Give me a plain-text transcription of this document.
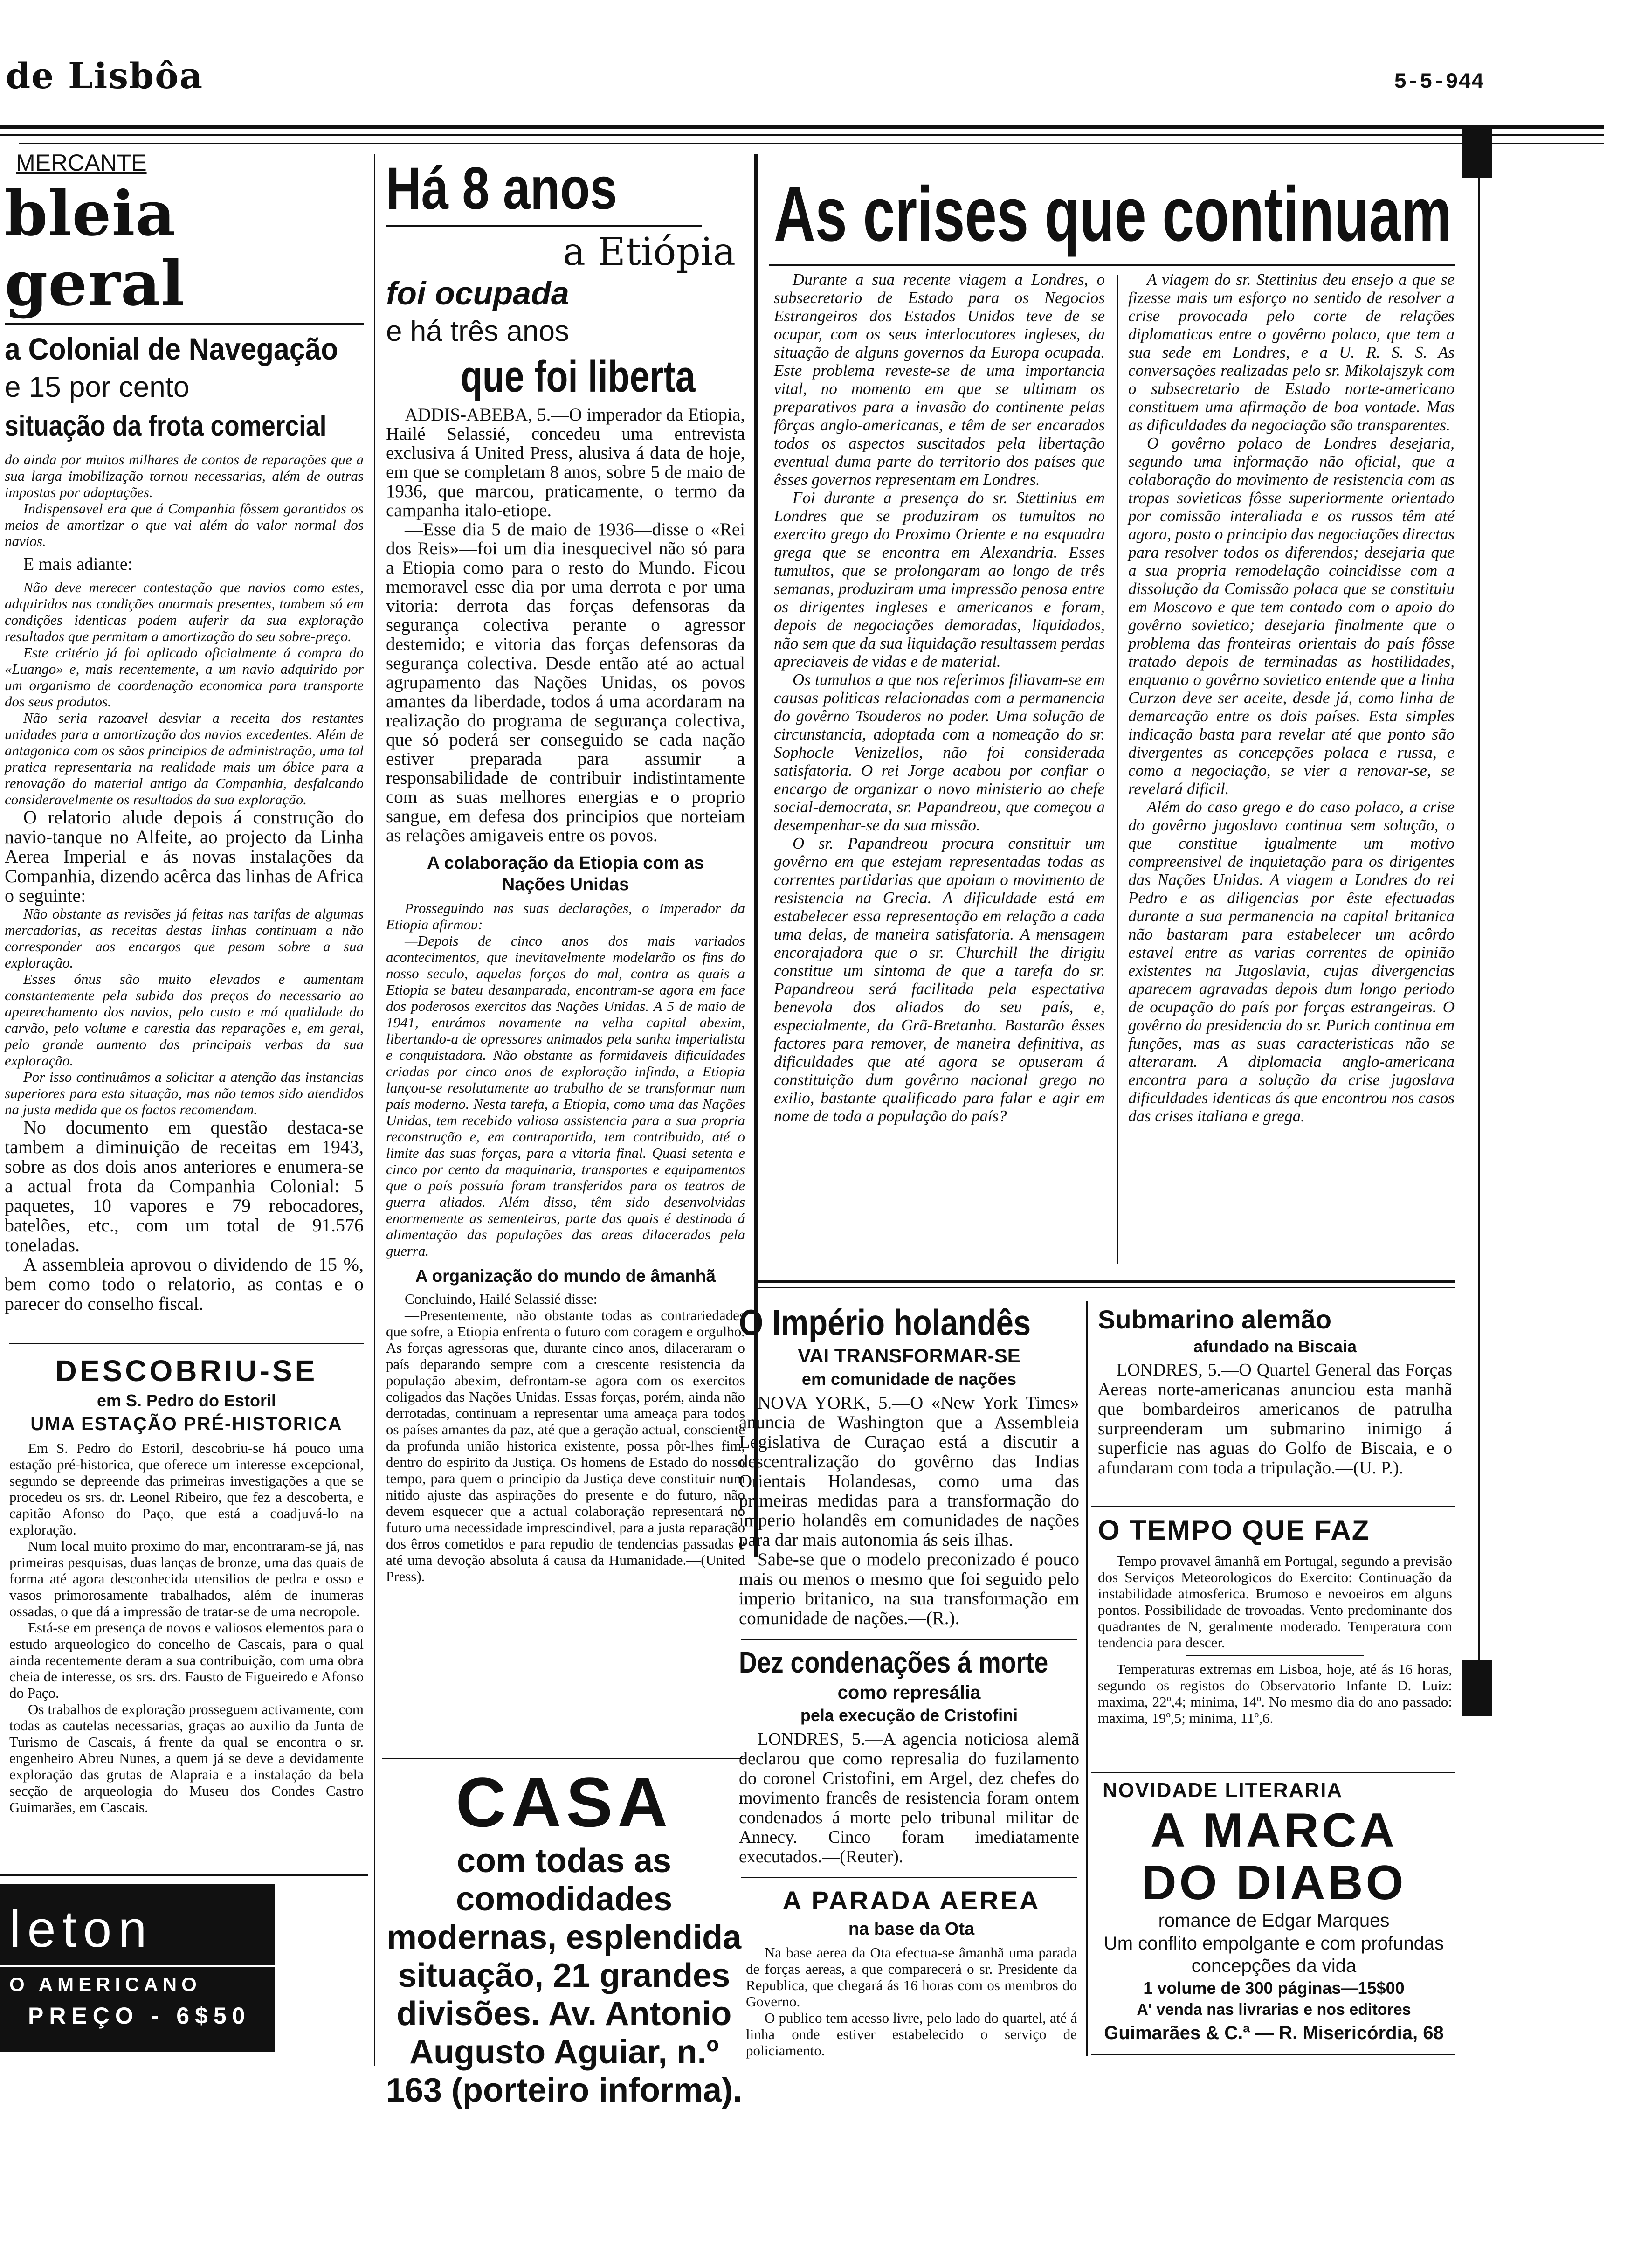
de Lisbôa	5-5-944
MERCANTE
bleia geral
a Colonial de Navegação
e 15 por cento
situação da frota comercial
do ainda por muitos milhares de contos de reparações que a sua larga imobilização tornou necessarias, além de outras impostas por adaptações.

Indispensavel era que á Companhia fôssem garantidos os meios de amortizar o que vai além do valor normal dos navios.

E mais adiante:

Não deve merecer contestação que navios como estes, adquiridos nas condições anormais presentes, tambem só em condições identicas podem auferir da sua exploração resultados que permitam a amortização do seu sobre-preço.

Este critério já foi aplicado oficialmente á compra do «Luango» e, mais recentemente, a um navio adquirido por um organismo de coordenação economica para transporte dos seus produtos.

Não seria razoavel desviar a receita dos restantes unidades para a amortização dos navios excedentes. Além de antagonica com os sãos principios de administração, uma tal pratica representaria na realidade mais um óbice para a renovação do material antigo da Companhia, desfalcando consideravelmente os resultados da sua exploração.

O relatorio alude depois á construção do navio-tanque no Alfeite, ao projecto da Linha Aerea Imperial e ás novas instalações da Companhia, dizendo acêrca das linhas de Africa o seguinte:

Não obstante as revisões já feitas nas tarifas de algumas mercadorias, as receitas destas linhas continuam a não corresponder aos encargos que pesam sobre a sua exploração.

Esses ónus são muito elevados e aumentam constantemente pela subida dos preços do necessario ao apetrechamento dos navios, pelo custo e má qualidade do carvão, pelo volume e carestia das reparações e, em geral, pelo grande aumento das principais verbas da sua exploração.

Por isso continuâmos a solicitar a atenção das instancias superiores para esta situação, mas não temos sido atendidos na justa medida que os factos recomendam.

No documento em questão destaca-se tambem a diminuição de receitas em 1943, sobre as dos dois anos anteriores e enumera-se a actual frota da Companhia Colonial: 5 paquetes, 10 vapores e 79 rebocadores, batelões, etc., com um total de 91.576 toneladas.

A assembleia aprovou o dividendo de 15 %, bem como todo o relatorio, as contas e o parecer do conselho fiscal.

DESCOBRIU-SE
em S. Pedro do Estoril
UMA ESTAÇÃO PRÉ-HISTORICA

Em S. Pedro do Estoril, descobriu-se há pouco uma estação pré-historica, que oferece um interesse excepcional, segundo se depreende das primeiras investigações a que se procedeu os srs. dr. Leonel Ribeiro, que fez a descoberta, e capitão Afonso do Paço, que está a coadjuvá-lo na exploração.

Num local muito proximo do mar, encontraram-se já, nas primeiras pesquisas, duas lanças de bronze, uma das quais de forma até agora desconhecida utensilios de pedra e osso e vasos primorosamente trabalhados, além de inumeras ossadas, o que dá a impressão de tratar-se de uma necropole.

Está-se em presença de novos e valiosos elementos para o estudo arqueologico do concelho de Cascais, para o qual ainda recentemente deram a sua contribuição, com uma obra cheia de interesse, os srs. drs. Fausto de Figueiredo e Afonso do Paço.

Os trabalhos de exploração prosseguem activamente, com todas as cautelas necessarias, graças ao auxilio da Junta de Turismo de Cascais, á frente da qual se encontra o sr. engenheiro Abreu Nunes, a quem já se deve a devidamente exploração das grutas de Alapraia e a instalação da bela secção de arqueologia do Museu dos Condes Castro Guimarães, em Cascais.

leton
O AMERICANO
PREÇO - 6$50
Há 8 anos
a Etiópia
foi ocupada
e há três anos
que foi liberta

ADDIS-ABEBA, 5.—O imperador da Etiopia, Hailé Selassié, concedeu uma entrevista exclusiva á United Press, alusiva á data de hoje, em que se completam 8 anos, sobre 5 de maio de 1936, que marcou, praticamente, o termo da campanha italo-etiope.

—Esse dia 5 de maio de 1936—disse o «Rei dos Reis»—foi um dia inesquecivel não só para a Etiopia como para o resto do Mundo. Ficou memoravel esse dia por uma derrota e por uma vitoria: derrota das forças defensoras da segurança colectiva perante o agressor destemido; e vitoria das forças defensoras da segurança colectiva. Desde então até ao actual agrupamento das Nações Unidas, os povos amantes da liberdade, todos á uma acordaram na realização do programa de segurança colectiva, que só poderá ser conseguido se cada nação estiver preparada para assumir a responsabilidade de contribuir indistintamente com as suas melhores energias e o proprio sangue, em defesa dos principios que norteiam as relações amigaveis entre os povos.

A colaboração da Etiopia com as Nações Unidas

Prosseguindo nas suas declarações, o Imperador da Etiopia afirmou:

—Depois de cinco anos dos mais variados acontecimentos, que inevitavelmente modelarão os fins do nosso seculo, aquelas forças do mal, contra as quais a Etiopia se bateu desamparada, encontram-se agora em face dos poderosos exercitos das Nações Unidas. A 5 de maio de 1941, entrámos novamente na velha capital abexim, libertando-a de opressores animados pela sanha imperialista e conquistadora. Não obstante as formidaveis dificuldades criadas por cinco anos de exploração infinda, a Etiopia lançou-se resolutamente ao trabalho de se transformar num país moderno. Nesta tarefa, a Etiopia, como uma das Nações Unidas, tem recebido valiosa assistencia para a sua propria reconstrução e, em contrapartida, tem contribuido, até o limite das suas forças, para a vitoria final. Quasi setenta e cinco por cento da maquinaria, transportes e equipamentos que o país possuía foram transferidos para os teatros de guerra aliados. Além disso, têm sido desenvolvidas enormemente as sementeiras, parte das quais é destinada á alimentação das populações das areas dilaceradas pela guerra.

A organização do mundo de âmanhã

Concluindo, Hailé Selassié disse:

—Presentemente, não obstante todas as contrariedades que sofre, a Etiopia enfrenta o futuro com coragem e orgulho. As forças agressoras que, durante cinco anos, dilaceraram o país deparando sempre com a crescente resistencia da população abexim, defrontam-se agora com os exercitos coligados das Nações Unidas. Essas forças, porém, ainda não derrotadas, continuam a representar uma ameaça para todos os países amantes da paz, até que a geração actual, consciente da profunda união historica existente, possa pôr-lhes fim, dentro do espirito da Justiça. Os homens de Estado do nosso tempo, para quem o principio da Justiça deve constituir num nitido ajuste das aspirações do presente e do futuro, não devem esquecer que a actual colaboração representará no futuro uma necessidade imprescindivel, para a justa reparação dos êrros cometidos e para repudio de tendencias passadas e até uma devoção absoluta á causa da Humanidade.—(United Press).

CASA
com todas as comodidades modernas, esplendida situação, 21 grandes divisões. Av. Antonio Augusto Aguiar, n.º 163 (porteiro informa).
As crises que continuam

Durante a sua recente viagem a Londres, o subsecretario de Estado para os Negocios Estrangeiros dos Estados Unidos teve de se ocupar, com os seus interlocutores ingleses, da situação de alguns governos da Europa ocupada. Este problema reveste-se de uma importancia vital, no momento em que se ultimam os preparativos para a invasão do continente pelas fôrças anglo-americanas, e têm de ser encarados todos os aspectos suscitados pela libertação eventual duma parte do territorio dos países que êsses governos representam em Londres.

Foi durante a presença do sr. Stettinius em Londres que se produziram os tumultos no exercito grego do Proximo Oriente e na esquadra grega que se encontra em Alexandria. Esses tumultos, que se prolongaram ao longo de três semanas, produziram uma impressão penosa entre os dirigentes ingleses e americanos e foram, depois de negociações demoradas, liquidados, não sem que da sua liquidação resultassem perdas apreciaveis de vidas e de material.

Os tumultos a que nos referimos filiavam-se em causas politicas relacionadas com a permanencia do govêrno Tsouderos no poder. Uma solução de circunstancia, adoptada com a nomeação do sr. Sophocle Venizellos, não foi considerada satisfatoria. O rei Jorge acabou por confiar o encargo de organizar o novo ministerio ao chefe social-democrata, sr. Papandreou, que começou a desempenhar-se da sua missão.

O sr. Papandreou procura constituir um govêrno em que estejam representadas todas as correntes partidarias que apoiam o movimento de resistencia na Grecia. A dificuldade está em estabelecer essa representação em relação a cada uma delas, de maneira satisfatoria. A mensagem encorajadora que o sr. Churchill lhe dirigiu constitue um sintoma de que a tarefa do sr. Papandreou será facilitada pela espectativa benevola dos aliados do seu país, e, especialmente, da Grã-Bretanha. Bastarão êsses factores para remover, de maneira definitiva, as dificuldades que até agora se opuseram á constituição dum govêrno nacional grego no exilio, bastante qualificado para falar e agir em nome de toda a população do país?

A viagem do sr. Stettinius deu ensejo a que se fizesse mais um esforço no sentido de resolver a crise provocada pelo corte de relações diplomaticas entre o govêrno polaco, que tem a sua sede em Londres, e a U. R. S. S. As conversações realizadas pelo sr. Mikolajszyk com o subsecretario de Estado norte-americano constituem uma afirmação de boa vontade. Mas as dificuldades da negociação são transparentes.

O govêrno polaco de Londres desejaria, segundo uma informação não oficial, que a colaboração do movimento de resistencia com as tropas sovieticas fôsse superiormente orientado por comissão interaliada e os russos têm até agora, posto o principio das negociações directas para resolver todos os diferendos; desejaria que a sua propria remodelação coincidisse com a dissolução da Comissão polaca que se constituiu em Moscovo e que tem contado com o apoio do govêrno sovietico; desejaria finalmente que o problema das fronteiras orientais do país fôsse tratado depois de terminadas as hostilidades, enquanto o govêrno sovietico entende que a linha Curzon deve ser aceite, desde já, como linha de demarcação entre os dois países. Esta simples indicação basta para revelar até que ponto são divergentes as concepções polaca e russa, e como a negociação, se vier a renovar-se, se revelará dificil.

Além do caso grego e do caso polaco, a crise do govêrno jugoslavo continua sem solução, o que constitue igualmente um motivo compreensivel de inquietação para os dirigentes das Nações Unidas. A viagem a Londres do rei Pedro e as diligencias por êste efectuadas durante a sua permanencia na capital britanica não bastaram para estabelecer um acôrdo estavel entre as varias correntes de opinião existentes na Jugoslavia, cujas divergencias aparecem agravadas depois dum longo periodo de ocupação do país por forças estrangeiras. O govêrno da presidencia do sr. Purich continua em funções, mas as suas caracteristicas não se alteraram. A diplomacia anglo-americana encontra para a solução da crise jugoslava dificuldades identicas ás que encontrou nos casos das crises italiana e grega.

O Império holandês
VAI TRANSFORMAR-SE
em comunidade de nações

NOVA YORK, 5.—O «New York Times» anuncia de Washington que a Assembleia Legislativa de Curaçao está a discutir a descentralização do govêrno das Indias Orientais Holandesas, como uma das primeiras medidas para a transformação do imperio holandês em comunidades de nações para dar mais autonomia ás seis ilhas.

Sabe-se que o modelo preconizado é pouco mais ou menos o mesmo que foi seguido pelo imperio britanico, na sua transformação em comunidade de nações.—(R.).

Dez condenações á morte
como represália
pela execução de Cristofini

LONDRES, 5.—A agencia noticiosa alemã declarou que como represalia do fuzilamento do coronel Cristofini, em Argel, dez chefes do movimento francês de resistencia foram ontem condenados á morte pelo tribunal militar de Annecy. Cinco foram imediatamente executados.—(Reuter).

A PARADA AEREA
na base da Ota

Na base aerea da Ota efectua-se âmanhã uma parada de forças aereas, a que comparecerá o sr. Presidente da Republica, que chegará ás 16 horas com os membros do Governo.

O publico tem acesso livre, pelo lado do quartel, até á linha onde estiver estabelecido o serviço de policiamento.

Submarino alemão
afundado na Biscaia

LONDRES, 5.—O Quartel General das Forças Aereas norte-americanas anunciou esta manhã que bombardeiros americanos de patrulha surpreenderam um submarino inimigo á superficie nas aguas do Golfo de Biscaia, e o afundaram com toda a tripulação.—(U. P.).

O TEMPO QUE FAZ

Tempo provavel âmanhã em Portugal, segundo a previsão dos Serviços Meteorologicos do Exercito: Continuação da instabilidade atmosferica. Brumoso e nevoeiros em alguns pontos. Possibilidade de trovoadas. Vento predominante dos quadrantes de N, geralmente moderado. Temperatura com tendencia para descer.

Temperaturas extremas em Lisboa, hoje, até ás 16 horas, segundo os registos do Observatorio Infante D. Luiz: maxima, 22º,4; minima, 14º. No mesmo dia do ano passado: maxima, 19º,5; minima, 11º,6.

NOVIDADE LITERARIA
A MARCA
DO DIABO
romance de Edgar Marques
Um conflito empolgante e com profundas concepções da vida
1 volume de 300 páginas—15$00
A' venda nas livrarias e nos editores
Guimarães & C.ª — R. Misericórdia, 68
